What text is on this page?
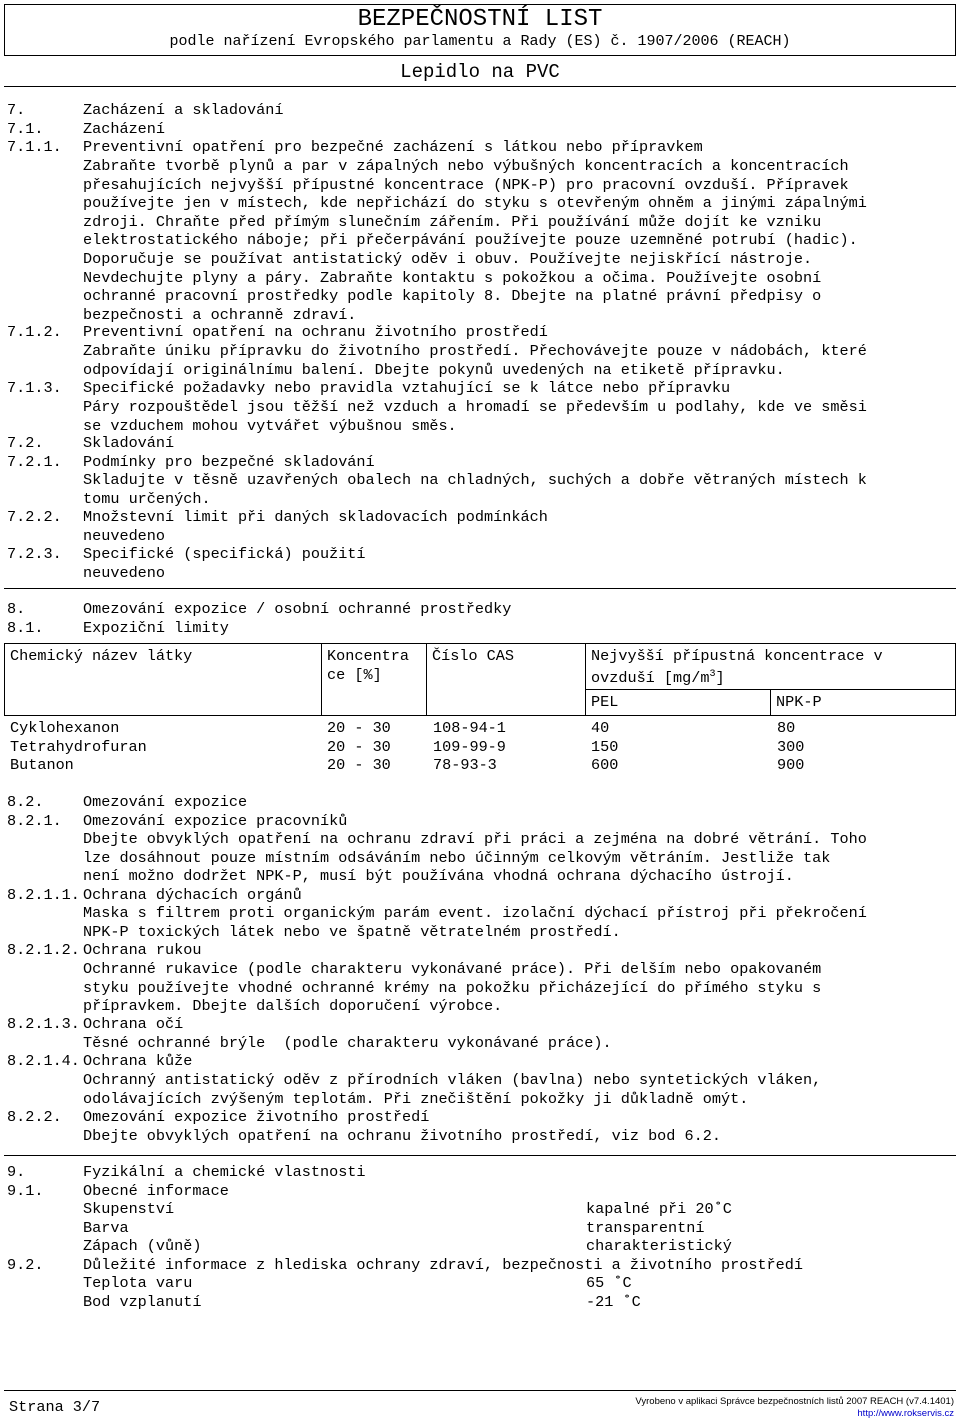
BEZPEČNOSTNÍ LIST
podle nařízení Evropského parlamentu a Rady (ES) č. 1907/2006 (REACH)
Lepidlo na PVC
7.	Zacházení a skladování
7.1.	Zacházení
7.1.1. Preventivní opatření pro bezpečné zacházení s látkou nebo přípravkem
Zabraňte tvorbě plynů a par v zápalných nebo výbušných koncentracích a koncentracích
přesahujících nejvyšší přípustné koncentrace (NPK-P) pro pracovní ovzduší. Přípravek
používejte jen v místech, kde nepřichází do styku s otevřeným ohněm a jinými zápalnými
zdroji. Chraňte před přímým slunečním zářením. Při používání může dojít ke vzniku
elektrostatického náboje; při přečerpávání používejte pouze uzemněné potrubí (hadic).
Doporučuje se používat antistatický oděv i obuv. Používejte nejiskřící nástroje.
Nevdechujte plyny a páry. Zabraňte kontaktu s pokožkou a očima. Používejte osobní
ochranné pracovní prostředky podle kapitoly 8. Dbejte na platné právní předpisy o
bezpečnosti a ochranně zdraví.
7.1.2. Preventivní opatření na ochranu životního prostředí
Zabraňte úniku přípravku do životního prostředí. Přechovávejte pouze v nádobách, které
odpovídají originálnímu balení. Dbejte pokynů uvedených na etiketě přípravku.
7.1.3. Specifické požadavky nebo pravidla vztahující se k látce nebo přípravku
Páry rozpouštědel jsou těžší než vzduch a hromadí se především u podlahy, kde ve směsi
se vzduchem mohou vytvářet výbušnou směs.
7.2.	Skladování
7.2.1. Podmínky pro bezpečné skladování
Skladujte v těsně uzavřených obalech na chladných, suchých a dobře větraných místech k
tomu určených.
7.2.2. Množstevní limit při daných skladovacích podmínkách
neuvedeno
7.2.3. Specifické (specifická) použití
neuvedeno
8.	Omezování expozice / osobní ochranné prostředky
8.1.	Expoziční limity
8.2.	Omezování expozice
8.2.1. Omezování expozice pracovníků
Dbejte obvyklých opatření na ochranu zdraví při práci a zejména na dobré větrání. Toho
lze dosáhnout pouze místním odsáváním nebo účinným celkovým větráním. Jestliže tak
není možno dodržet NPK-P, musí být používána vhodná ochrana dýchacího ústrojí.
8.2.1.1. Ochrana dýchacích orgánů
Maska s filtrem proti organickým parám event. izolační dýchací přístroj při překročení
NPK-P toxických látek nebo ve špatně větratelném prostředí.
8.2.1.2. Ochrana rukou
Ochranné rukavice (podle charakteru vykonávané práce). Při delším nebo opakovaném
styku používejte vhodné ochranné krémy na pokožku přicházející do přímého styku s
přípravkem. Dbejte dalších doporučení výrobce.
8.2.1.3. Ochrana očí
Těsné ochranné brýle  (podle charakteru vykonávané práce).
8.2.1.4. Ochrana kůže
Ochranný antistatický oděv z přírodních vláken (bavlna) nebo syntetických vláken,
odolávajících zvýšeným teplotám. Při znečištění pokožky ji důkladně omýt.
8.2.2. Omezování expozice životního prostředí
Dbejte obvyklých opatření na ochranu životního prostředí, viz bod 6.2.
9.	Fyzikální a chemické vlastnosti
9.1.	Obecné informace
Skupenství	kapalné při 20˚C
Barva	transparentní
Zápach (vůně)	charakteristický
9.2.	Důležité informace z hlediska ochrany zdraví, bezpečnosti a životního prostředí
Teplota varu	65 ˚C
Bod vzplanutí	-21 ˚C
Chemický název látky	Koncentra
ce [%]
Číslo CAS	Nejvyšší přípustná koncentrace v
ovzduší $[mg/m^3]$
PEL	NPK-P
Cyklohexanon	20 - 30	108-94-1	40	80
Tetrahydrofuran	20 - 30	109-99-9	150	300
Butanon	20 - 30	78-93-3	600	900
Strana 3/7	Vyrobeno v aplikaci Správce bezpečnostních listů 2007 REACH (v7.4.1401)
http://www.rokservis.cz
